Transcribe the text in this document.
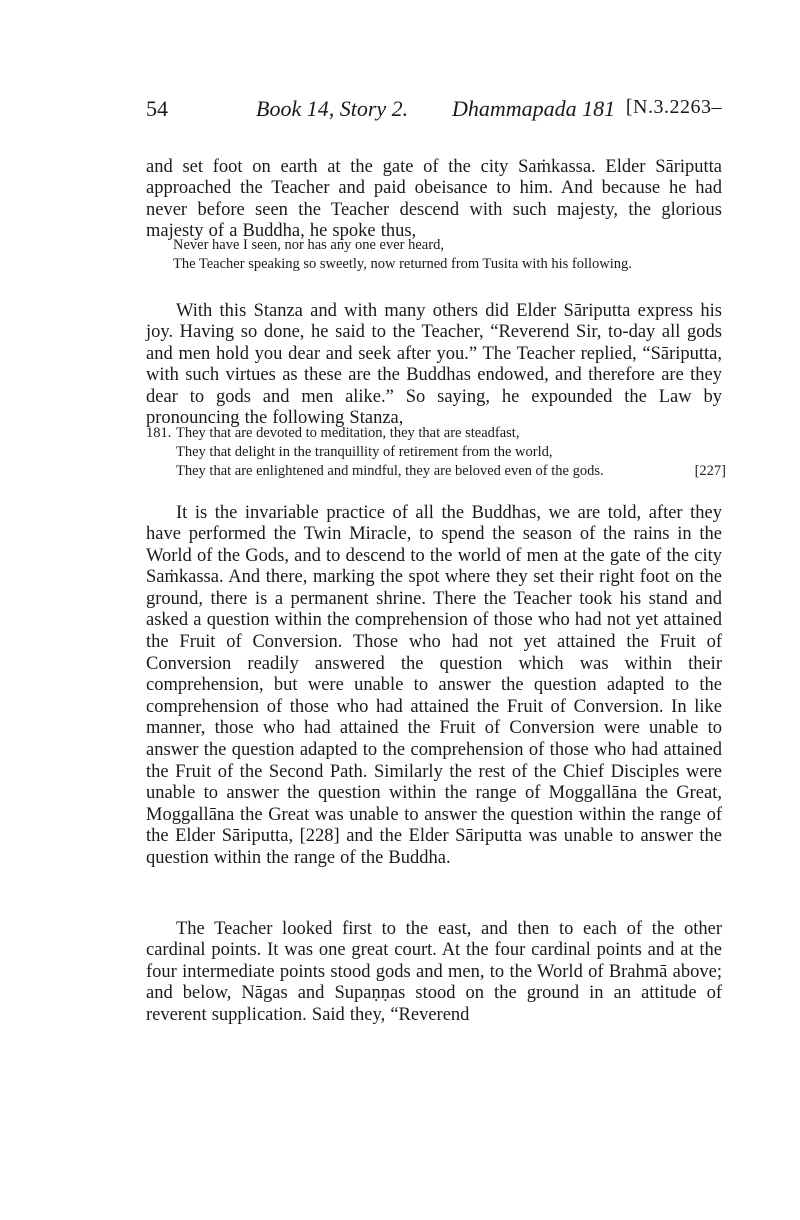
54	Book 14, Story 2. Dhammapada 181 [N.3.2263–

and set foot on earth at the gate of the city Saṁkassa. Elder Sāriputta approached the Teacher and paid obeisance to him. And because he had never before seen the Teacher descend with such majesty, the glorious majesty of a Buddha, he spoke thus,

Never have I seen, nor has any one ever heard,
The Teacher speaking so sweetly, now returned from Tusita with his following.

With this Stanza and with many others did Elder Sāriputta express his joy. Having so done, he said to the Teacher, “Reverend Sir, to-day all gods and men hold you dear and seek after you.” The Teacher replied, “Sāriputta, with such virtues as these are the Buddhas endowed, and therefore are they dear to gods and men alike.” So saying, he expounded the Law by pronouncing the following Stanza,

181. They that are devoted to meditation, they that are steadfast,
They that delight in the tranquillity of retirement from the world,
They that are enlightened and mindful, they are beloved even of the gods.	[227]

It is the invariable practice of all the Buddhas, we are told, after they have performed the Twin Miracle, to spend the season of the rains in the World of the Gods, and to descend to the world of men at the gate of the city Saṁkassa. And there, marking the spot where they set their right foot on the ground, there is a permanent shrine. There the Teacher took his stand and asked a question within the comprehension of those who had not yet attained the Fruit of Conversion. Those who had not yet attained the Fruit of Conversion readily answered the question which was within their comprehension, but were unable to answer the question adapted to the comprehension of those who had attained the Fruit of Conversion. In like manner, those who had attained the Fruit of Conversion were unable to answer the question adapted to the comprehension of those who had attained the Fruit of the Second Path. Similarly the rest of the Chief Disciples were unable to answer the question within the range of Moggallāna the Great, Moggallāna the Great was unable to answer the question within the range of the Elder Sāriputta, [228] and the Elder Sāriputta was unable to answer the question within the range of the Buddha.

The Teacher looked first to the east, and then to each of the other cardinal points. It was one great court. At the four cardinal points and at the four intermediate points stood gods and men, to the World of Brahmā above; and below, Nāgas and Supaṇṇas stood on the ground in an attitude of reverent supplication. Said they, “Reverend
